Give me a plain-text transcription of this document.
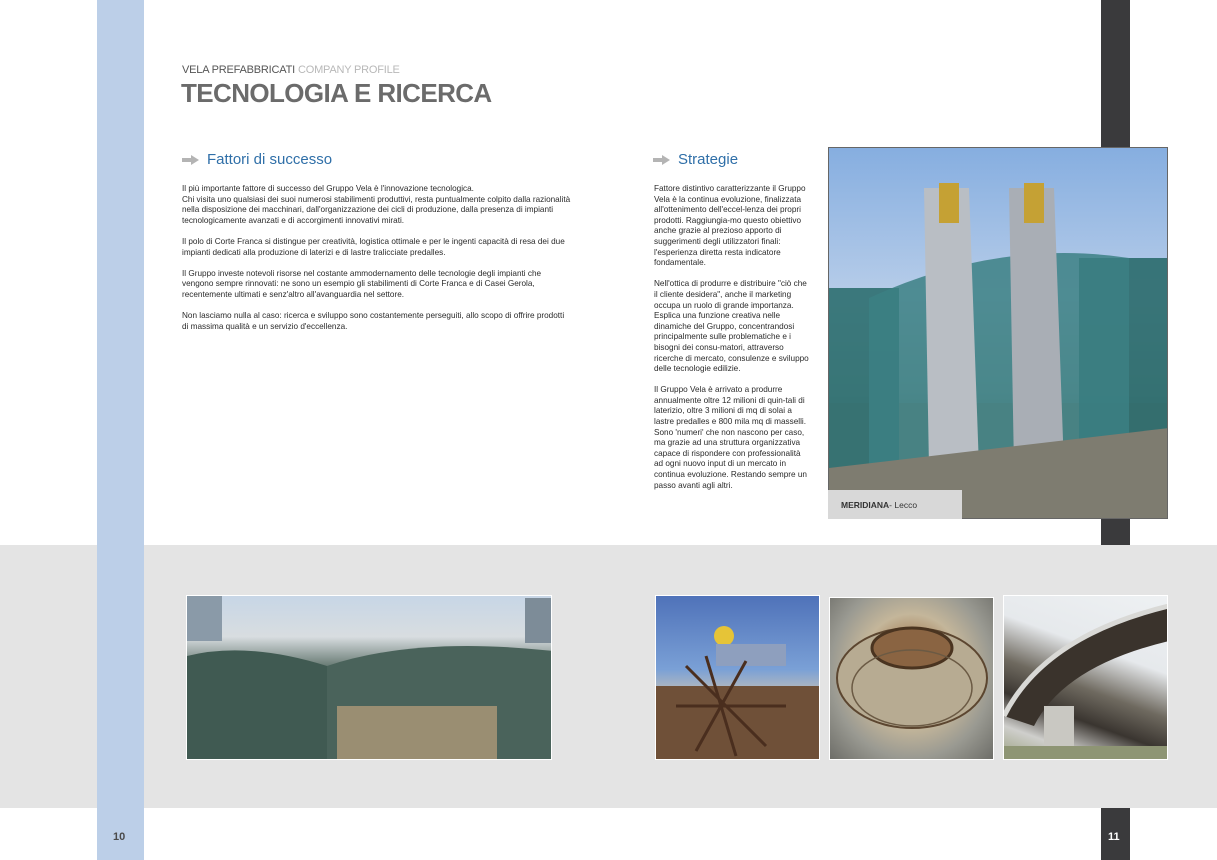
VELA PREFABBRICATI COMPANY PROFILE
TECNOLOGIA E RICERCA
Fattori di successo

Il più importante fattore di successo del Gruppo Vela è l'innovazione tecnologica.
Chi visita uno qualsiasi dei suoi numerosi stabilimenti produttivi, resta puntualmente colpito dalla razionalità nella disposizione dei macchinari, dall'organizzazione dei cicli di produzione, dalla presenza di impianti tecnologicamente avanzati e di accorgimenti innovativi mirati.

Il polo di Corte Franca si distingue per creatività, logistica ottimale e per le ingenti capacità di resa dei due impianti dedicati alla produzione di laterizi e di lastre tralicciate predalles.

Il Gruppo investe notevoli risorse nel costante ammodernamento delle tecnologie degli impianti che vengono sempre rinnovati: ne sono un esempio gli stabilimenti di Corte Franca e di Casei Gerola, recentemente ultimati e senz'altro all'avanguardia nel settore.

Non lasciamo nulla al caso: ricerca e sviluppo sono costantemente perseguiti, allo scopo di offrire prodotti di massima qualità e un servizio d'eccellenza.

Strategie

Fattore distintivo caratterizzante il Gruppo Vela è la continua evoluzione, finalizzata all'ottenimento dell'eccel-lenza dei propri prodotti. Raggiungia-mo questo obiettivo anche grazie al prezioso apporto di suggerimenti degli utilizzatori finali: l'esperienza diretta resta indicatore fondamentale.

Nell'ottica di produrre e distribuire "ciò che il cliente desidera", anche il marketing occupa un ruolo di grande importanza. Esplica una funzione creativa nelle dinamiche del Gruppo, concentrandosi principalmente sulle problematiche e i bisogni dei consu-matori, attraverso ricerche di mercato, consulenze e sviluppo delle tecnologie edilizie.

Il Gruppo Vela è arrivato a produrre annualmente oltre 12 milioni di quin-tali di laterizio, oltre 3 milioni di mq di solai a lastre predalles e 800 mila mq di masselli.
Sono 'numeri' che non nascono per caso, ma grazie ad una struttura organizzativa capace di rispondere con professionalità ad ogni nuovo input di un mercato in continua evoluzione. Restando sempre un passo avanti agli altri.

MERIDIANA - Lecco
10	11
